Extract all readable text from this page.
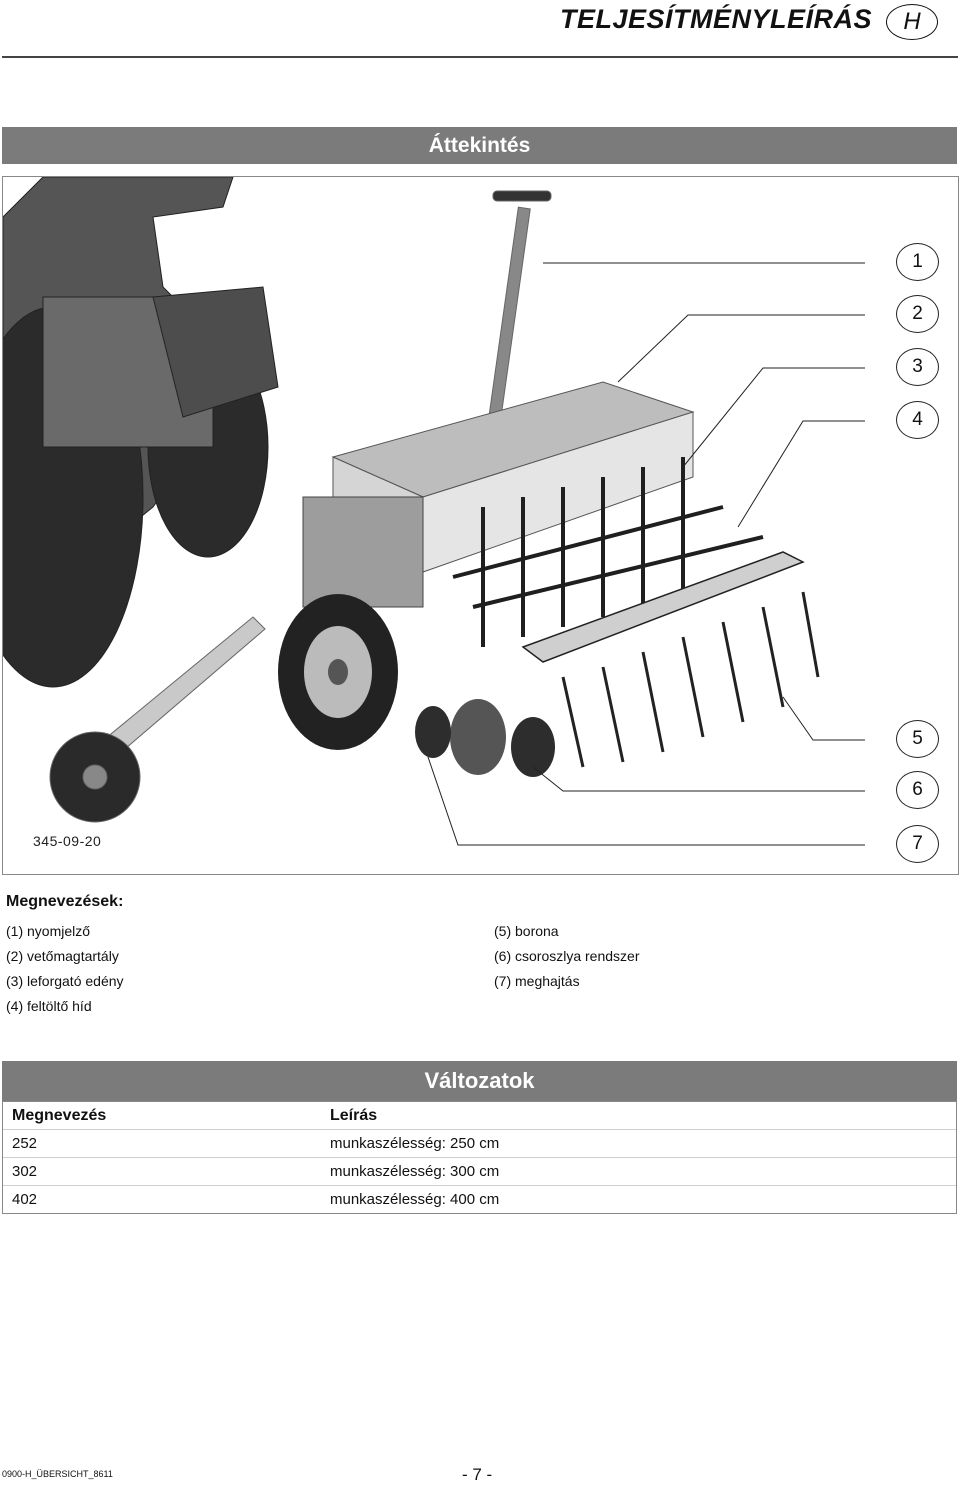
TELJESÍTMÉNYLEÍRÁS	H
Áttekintés
345-09-20
1
2
3
4
5
6
7
Megnevezések:
(1) nyomjelző
(2) vetőmagtartály
(3) leforgató edény
(4) feltöltő híd
(5) borona
(6) csoroszlya rendszer
(7) meghajtás
Változatok
Megnevezés	Leírás
252	munkaszélesség: 250 cm
302	munkaszélesség: 300 cm
402	munkaszélesség: 400 cm
0900-H_ÜBERSICHT_8611	- 7 -
